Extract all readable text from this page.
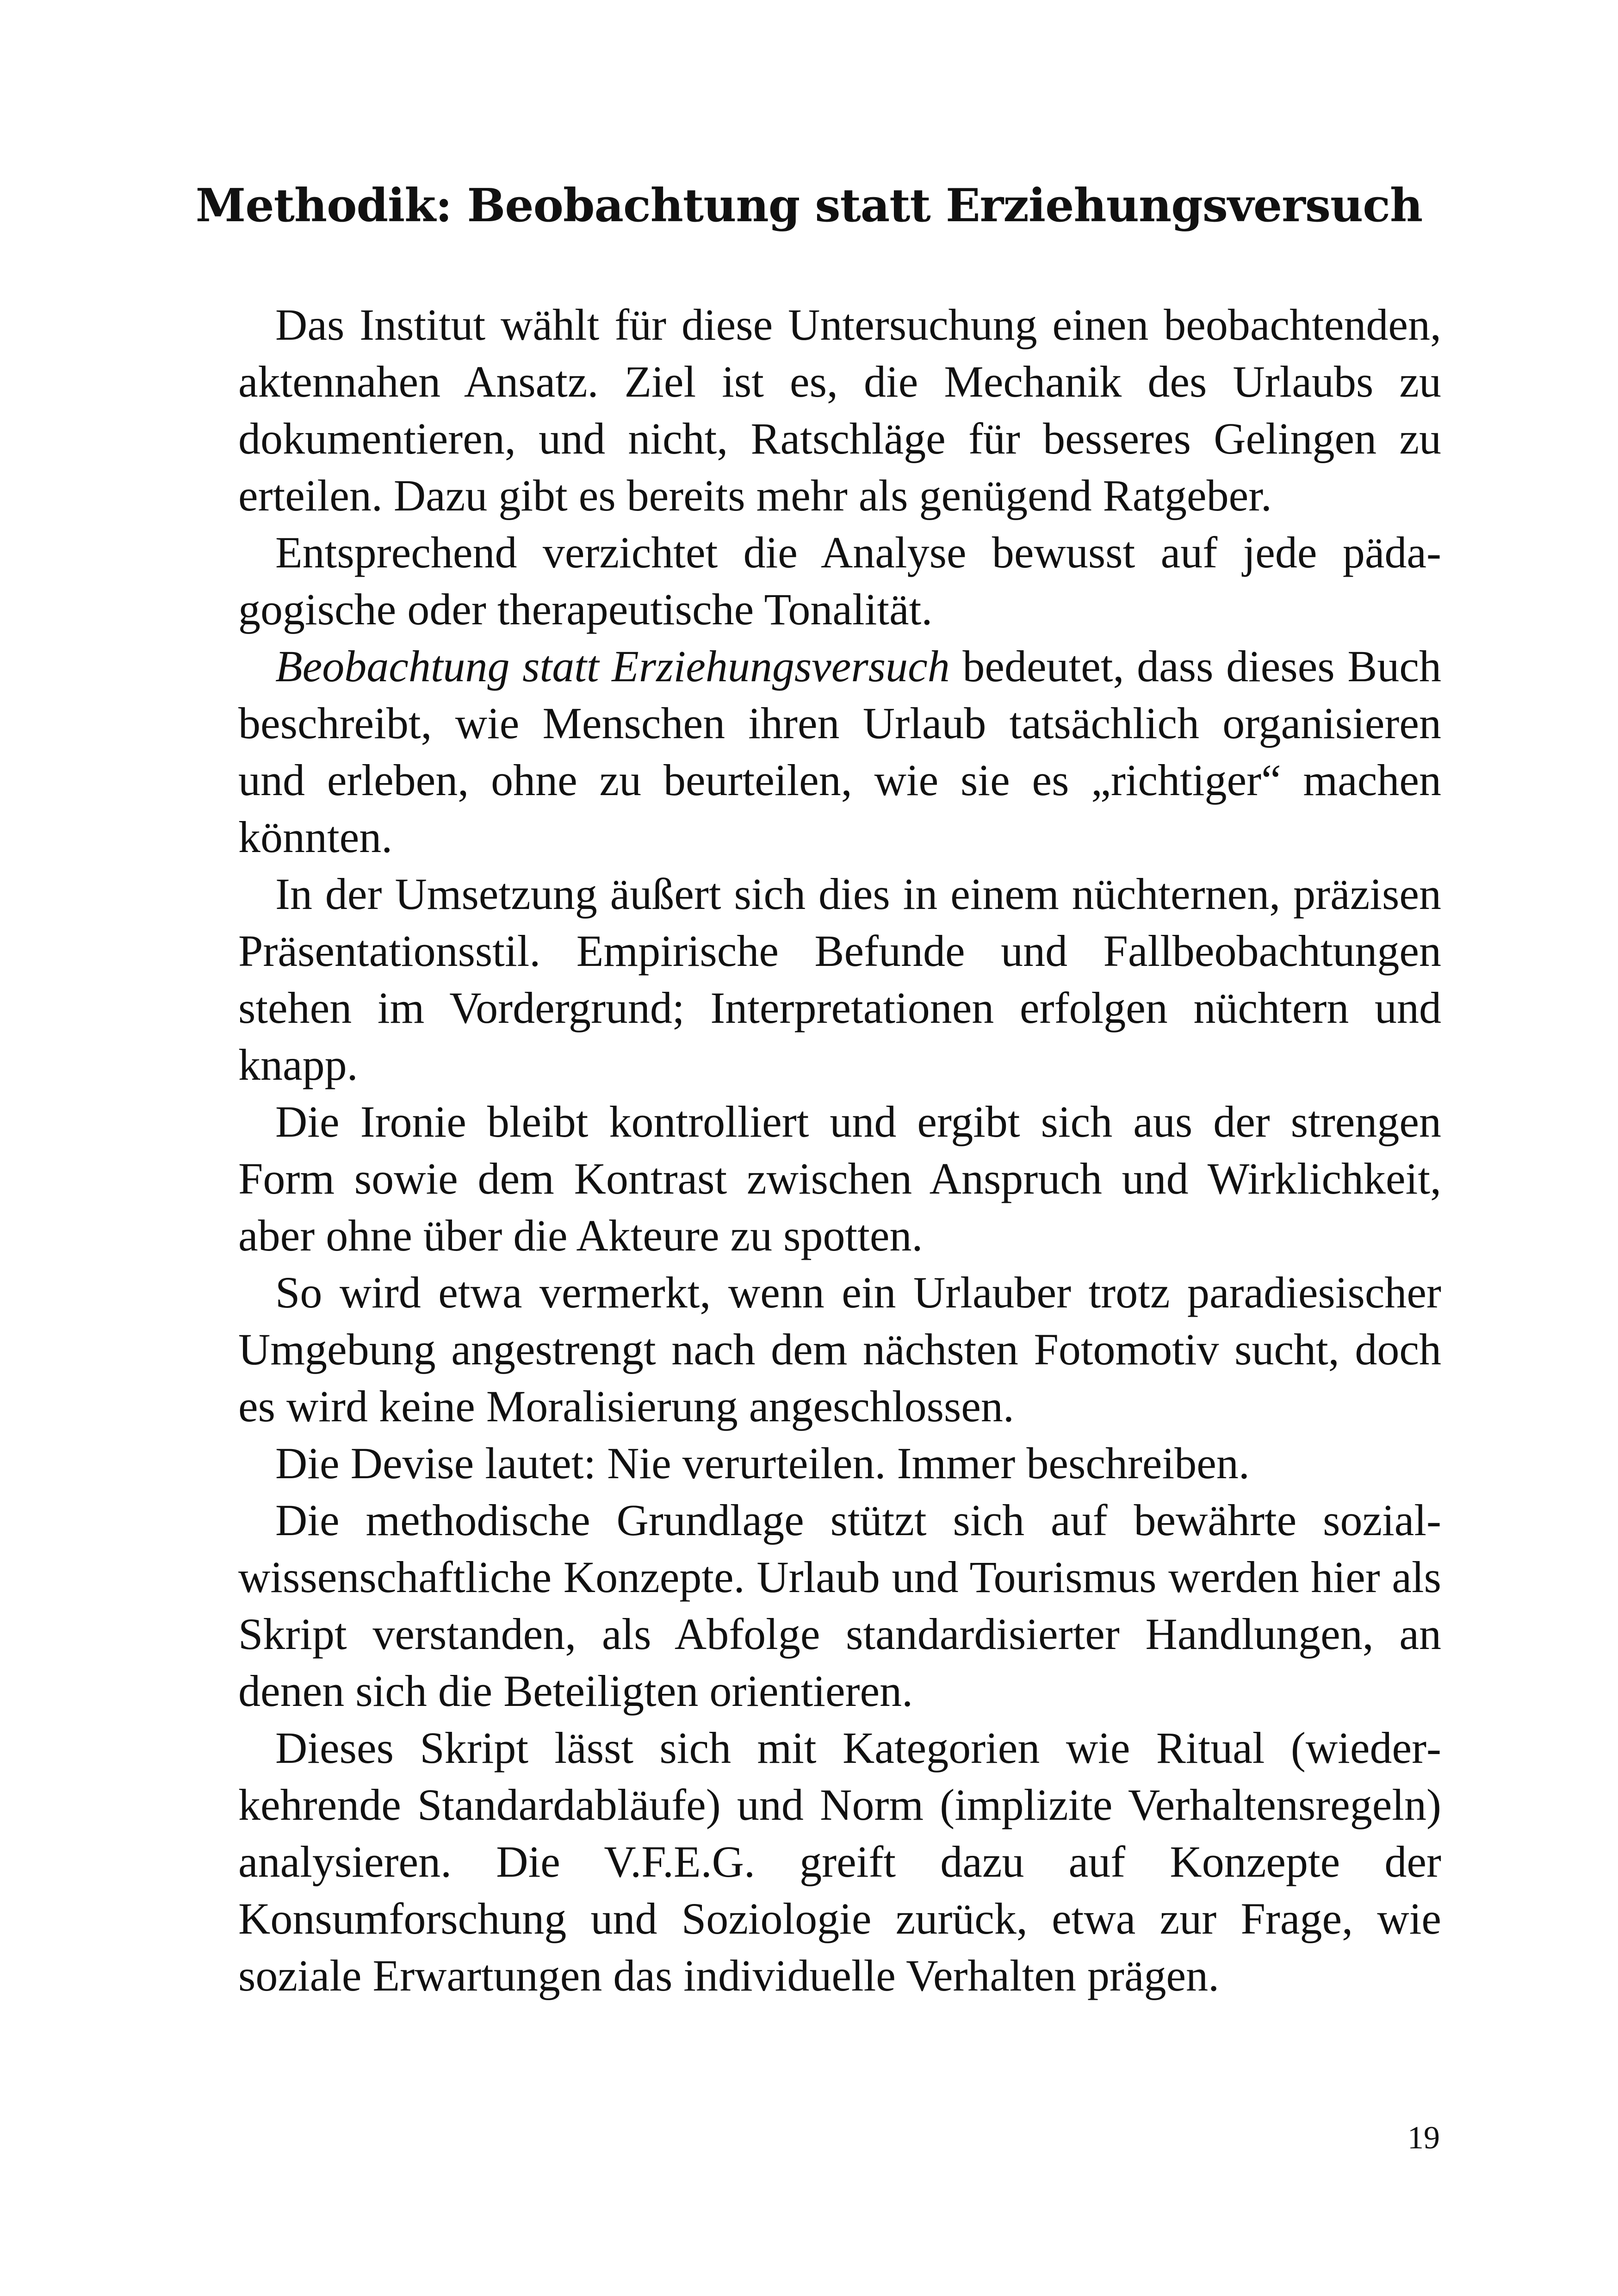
Methodik: Beobachtung statt Erziehungsversuch

Das Institut wählt für diese Untersuchung einen beobachtenden, aktennahen Ansatz. Ziel ist es, die Mechanik des Urlaubs zu dokumentieren, und nicht, Ratschläge für besseres Gelingen zu erteilen. Dazu gibt es bereits mehr als genügend Ratgeber.

Entsprechend verzichtet die Analyse bewusst auf jede pädagogische oder therapeutische Tonalität.

Beobachtung statt Erziehungsversuch bedeutet, dass dieses Buch beschreibt, wie Menschen ihren Urlaub tatsächlich organisieren und erleben, ohne zu beurteilen, wie sie es „richtiger“ machen könnten.

In der Umsetzung äußert sich dies in einem nüchternen, präzisen Präsentationsstil. Empirische Befunde und Fallbeobachtungen stehen im Vordergrund; Interpretationen erfolgen nüchtern und knapp.

Die Ironie bleibt kontrolliert und ergibt sich aus der strengen Form sowie dem Kontrast zwischen Anspruch und Wirklichkeit, aber ohne über die Akteure zu spotten.

So wird etwa vermerkt, wenn ein Urlauber trotz paradiesischer Umgebung angestrengt nach dem nächsten Fotomotiv sucht, doch es wird keine Moralisierung angeschlossen.

Die Devise lautet: Nie verurteilen. Immer beschreiben.

Die methodische Grundlage stützt sich auf bewährte sozialwissenschaftliche Konzepte. Urlaub und Tourismus werden hier als Skript verstanden, als Abfolge standardisierter Handlungen, an denen sich die Beteiligten orientieren.

Dieses Skript lässt sich mit Kategorien wie Ritual (wiederkehrende Standardabläufe) und Norm (implizite Verhaltensregeln) analysieren. Die V.F.E.G. greift dazu auf Konzepte der Konsumforschung und Soziologie zurück, etwa zur Frage, wie soziale Erwartungen das individuelle Verhalten prägen.

19
